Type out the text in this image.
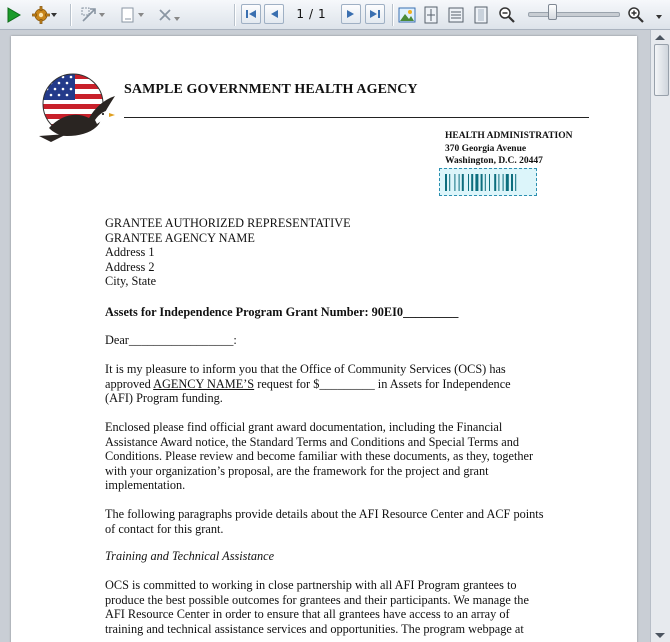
1 / 1
SAMPLE GOVERNMENT HEALTH AGENCY
HEALTH ADMINISTRATION
370 Georgia Avenue
Washington, D.C. 20447
GRANTEE AUTHORIZED REPRESENTATIVE
GRANTEE AGENCY NAME
Address 1
Address 2
City, State
Assets for Independence Program Grant Number: 90EI0_________
Dear_________________:
It is my pleasure to inform you that the Office of Community Services (OCS) has
approved AGENCY NAME’S request for $_________ in Assets for Independence
(AFI) Program funding.
Enclosed please find official grant award documentation, including the Financial
Assistance Award notice, the Standard Terms and Conditions and Special Terms and
Conditions. Please review and become familiar with these documents, as they, together
with your organization’s proposal, are the framework for the project and grant
implementation.
The following paragraphs provide details about the AFI Resource Center and ACF points
of contact for this grant.
Training and Technical Assistance
OCS is committed to working in close partnership with all AFI Program grantees to
produce the best possible outcomes for grantees and their participants. We manage the
AFI Resource Center in order to ensure that all grantees have access to an array of
training and technical assistance services and opportunities. The program webpage at
